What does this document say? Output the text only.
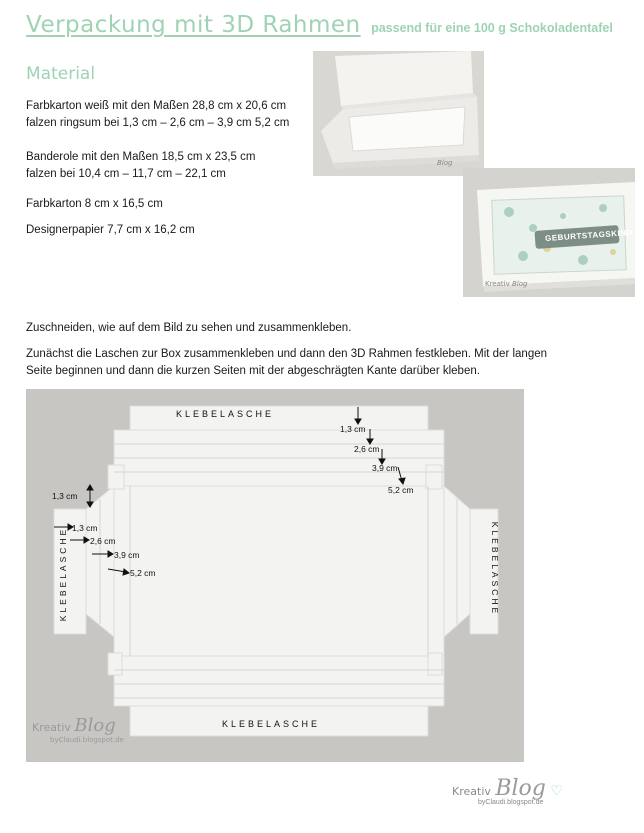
Verpackung mit 3D Rahmen passend für eine 100 g Schokoladentafel
Material
Farbkarton weiß mit den Maßen 28,8 cm x 20,6 cm
falzen ringsum bei 1,3 cm – 2,6 cm – 3,9 cm 5,2 cm
Banderole mit den Maßen 18,5 cm x 23,5 cm
falzen bei 10,4 cm – 11,7 cm – 22,1 cm
Farbkarton 8 cm x 16,5 cm
Designerpapier 7,7 cm x 16,2 cm
Blog
GEBURTSTAGSKIND
Kreativ Blog
Zuschneiden, wie auf dem Bild zu sehen und zusammenkleben.
Zunächst die Laschen zur Box zusammenkleben und dann den 3D Rahmen festkleben. Mit der langen
Seite beginnen und dann die kurzen Seiten mit der abgeschrägten Kante darüber kleben.
KLEBELASCHE
KLEBELASCHE
KLEBELASCHE	KLEBELASCHE
1,3 cm
2,6 cm
3,9 cm
5,2 cm
1,3 cm
1,3 cm
2,6 cm
3,9 cm
5,2 cm
Kreativ Blog
byClaudi.blogspot.de
Kreativ Blog ♡
byClaudi.blogspot.de
